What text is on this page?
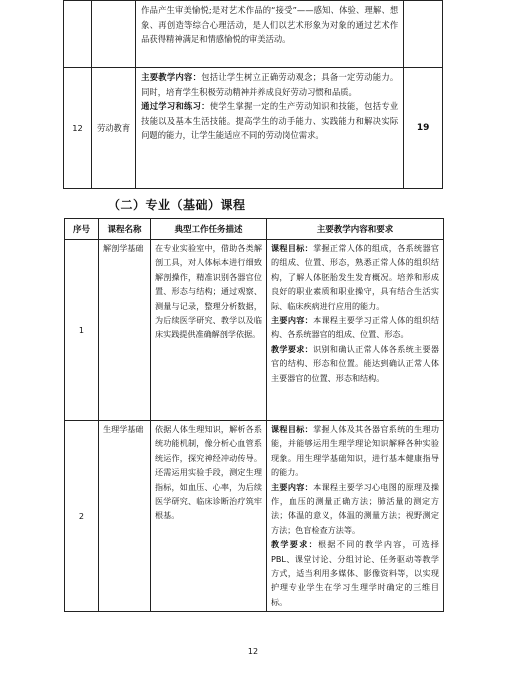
		作品产生审美愉悦;是对艺术作品的“接受”——感知、体验、理解、想象、再创造等综合心理活动，是人们以艺术形象为对象的通过艺术作品获得精神满足和情感愉悦的审美活动。	

12	劳动教育	主要教学内容：包括让学生树立正确劳动观念；具备一定劳动能力。同时，培育学生积极劳动精神并养成良好劳动习惯和品质。
通过学习和练习：使学生掌握一定的生产劳动知识和技能，包括专业技能以及基本生活技能。提高学生的动手能力、实践能力和解决实际问题的能力，让学生能适应不同的劳动岗位需求。	19
（二）专业（基础）课程
序号	课程名称	典型工作任务描述	主要教学内容和要求
1	解剖学基础	在专业实验室中，借助各类解剖工具，对人体标本进行细致解剖操作，精准识别各器官位置、形态与结构；通过观察、测量与记录，整理分析数据，为后续医学研究、教学以及临床实践提供准确解剖学依据。	课程目标：掌握正常人体的组成，各系统器官的组成、位置、形态，熟悉正常人体的组织结构，了解人体胚胎发生发育概况。培养和形成良好的职业素质和职业操守，具有结合生活实际、临床疾病进行应用的能力。
主要内容：本课程主要学习正常人体的组织结构、各系统器官的组成、位置、形态。
教学要求：识别和确认正常人体各系统主要器官的结构、形态和位置。能达到确认正常人体主要器官的位置、形态和结构。

2	生理学基础	依据人体生理知识，解析各系统功能机制，像分析心血管系统运作，探究神经冲动传导。还需运用实验手段，测定生理指标，如血压、心率，为后续医学研究、临床诊断治疗筑牢根基。	课程目标：掌握人体及其各器官系统的生理功能，并能够运用生理学理论知识解释各种实验现象。用生理学基础知识，进行基本健康指导的能力。
主要内容：本课程主要学习心电图的原理及操作，血压的测量正确方法；肺活量的测定方法；体温的意义，体温的测量方法；视野测定方法；色盲检查方法等。
教学要求：根据不同的教学内容，可选择PBL、课堂讨论、分组讨论、任务驱动等教学方式，适当利用多媒体、影像资料等，以实现护理专业学生在学习生理学时确定的三维目标。
12
